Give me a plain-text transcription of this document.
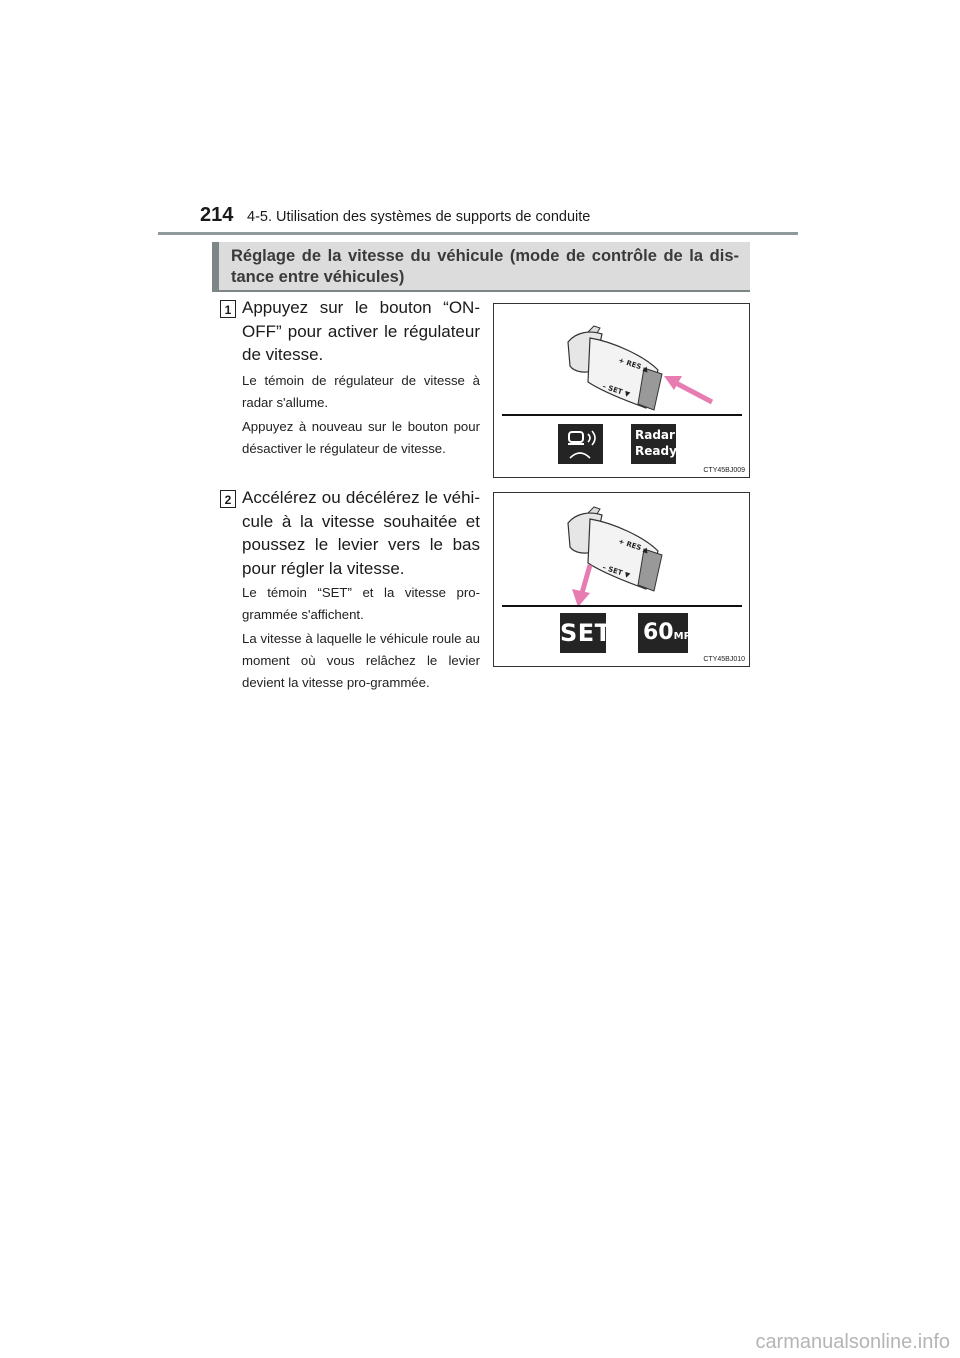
214 4-5. Utilisation des systèmes de supports de conduite
Réglage de la vitesse du véhicule (mode de contrôle de la dis-tance entre véhicules)
1 Appuyez sur le bouton “ON-OFF” pour activer le régulateur de vitesse.
Le témoin de régulateur de vitesse à radar s'allume.
Appuyez à nouveau sur le bouton pour désactiver le régulateur de vitesse.
+ RES ▲
– SET ▼
Radar Ready
CTY45BJ009
2 Accélérez ou décélérez le véhi-cule à la vitesse souhaitée et poussez le levier vers le bas pour régler la vitesse.
Le témoin “SET” et la vitesse pro-grammée s'affichent.
La vitesse à laquelle le véhicule roule au moment où vous relâchez le levier devient la vitesse pro-grammée.
+ RES ▲
– SET ▼
SET 60MPH
CTY45BJ010
carmanualsonline.info
